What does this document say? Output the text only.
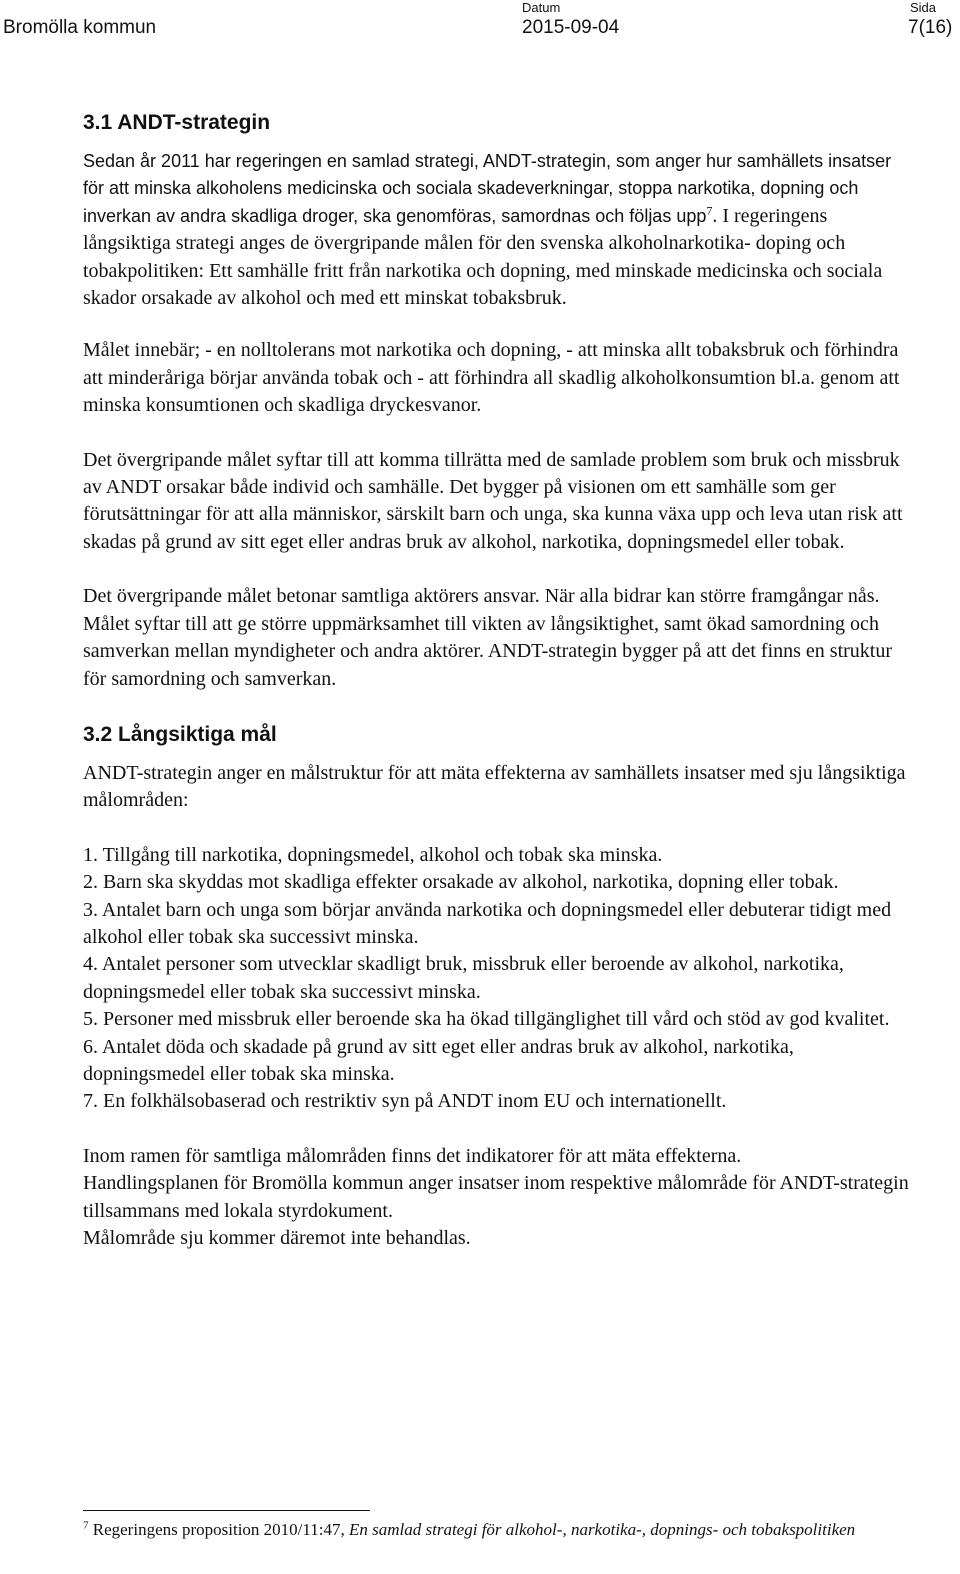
Bromölla kommun
Datum
2015-09-04
Sida
7(16)
3.1 ANDT-strategin

Sedan år 2011 har regeringen en samlad strategi, ANDT-strategin, som anger hur samhällets insatser för att minska alkoholens medicinska och sociala skadeverkningar, stoppa narkotika, dopning och inverkan av andra skadliga droger, ska genomföras, samordnas och följas upp$^7$. I regeringens långsiktiga strategi anges de övergripande målen för den svenska alkoholnarkotika- doping och tobakpolitiken: Ett samhälle fritt från narkotika och dopning, med minskade medicinska och sociala skador orsakade av alkohol och med ett minskat tobaksbruk.

Målet innebär; - en nolltolerans mot narkotika och dopning, - att minska allt tobaksbruk och förhindra att minderåriga börjar använda tobak och - att förhindra all skadlig alkoholkonsumtion bl.a. genom att minska konsumtionen och skadliga dryckesvanor.

Det övergripande målet syftar till att komma tillrätta med de samlade problem som bruk och missbruk av ANDT orsakar både individ och samhälle. Det bygger på visionen om ett samhälle som ger förutsättningar för att alla människor, särskilt barn och unga, ska kunna växa upp och leva utan risk att skadas på grund av sitt eget eller andras bruk av alkohol, narkotika, dopningsmedel eller tobak.

Det övergripande målet betonar samtliga aktörers ansvar. När alla bidrar kan större framgångar nås. Målet syftar till att ge större uppmärksamhet till vikten av långsiktighet, samt ökad samordning och samverkan mellan myndigheter och andra aktörer. ANDT-strategin bygger på att det finns en struktur för samordning och samverkan.

3.2 Långsiktiga mål

ANDT-strategin anger en målstruktur för att mäta effekterna av samhällets insatser med sju långsiktiga målområden:

1. Tillgång till narkotika, dopningsmedel, alkohol och tobak ska minska.
2. Barn ska skyddas mot skadliga effekter orsakade av alkohol, narkotika, dopning eller tobak.
3. Antalet barn och unga som börjar använda narkotika och dopningsmedel eller debuterar tidigt med alkohol eller tobak ska successivt minska.
4. Antalet personer som utvecklar skadligt bruk, missbruk eller beroende av alkohol, narkotika, dopningsmedel eller tobak ska successivt minska.
5. Personer med missbruk eller beroende ska ha ökad tillgänglighet till vård och stöd av god kvalitet.
6. Antalet döda och skadade på grund av sitt eget eller andras bruk av alkohol, narkotika, dopningsmedel eller tobak ska minska.
7. En folkhälsobaserad och restriktiv syn på ANDT inom EU och internationellt.

Inom ramen för samtliga målområden finns det indikatorer för att mäta effekterna.
Handlingsplanen för Bromölla kommun anger insatser inom respektive målområde för ANDT-strategin tillsammans med lokala styrdokument.
Målområde sju kommer däremot inte behandlas.

$^7$ Regeringens proposition 2010/11:47, En samlad strategi för alkohol-, narkotika-, dopnings- och tobakspolitiken
